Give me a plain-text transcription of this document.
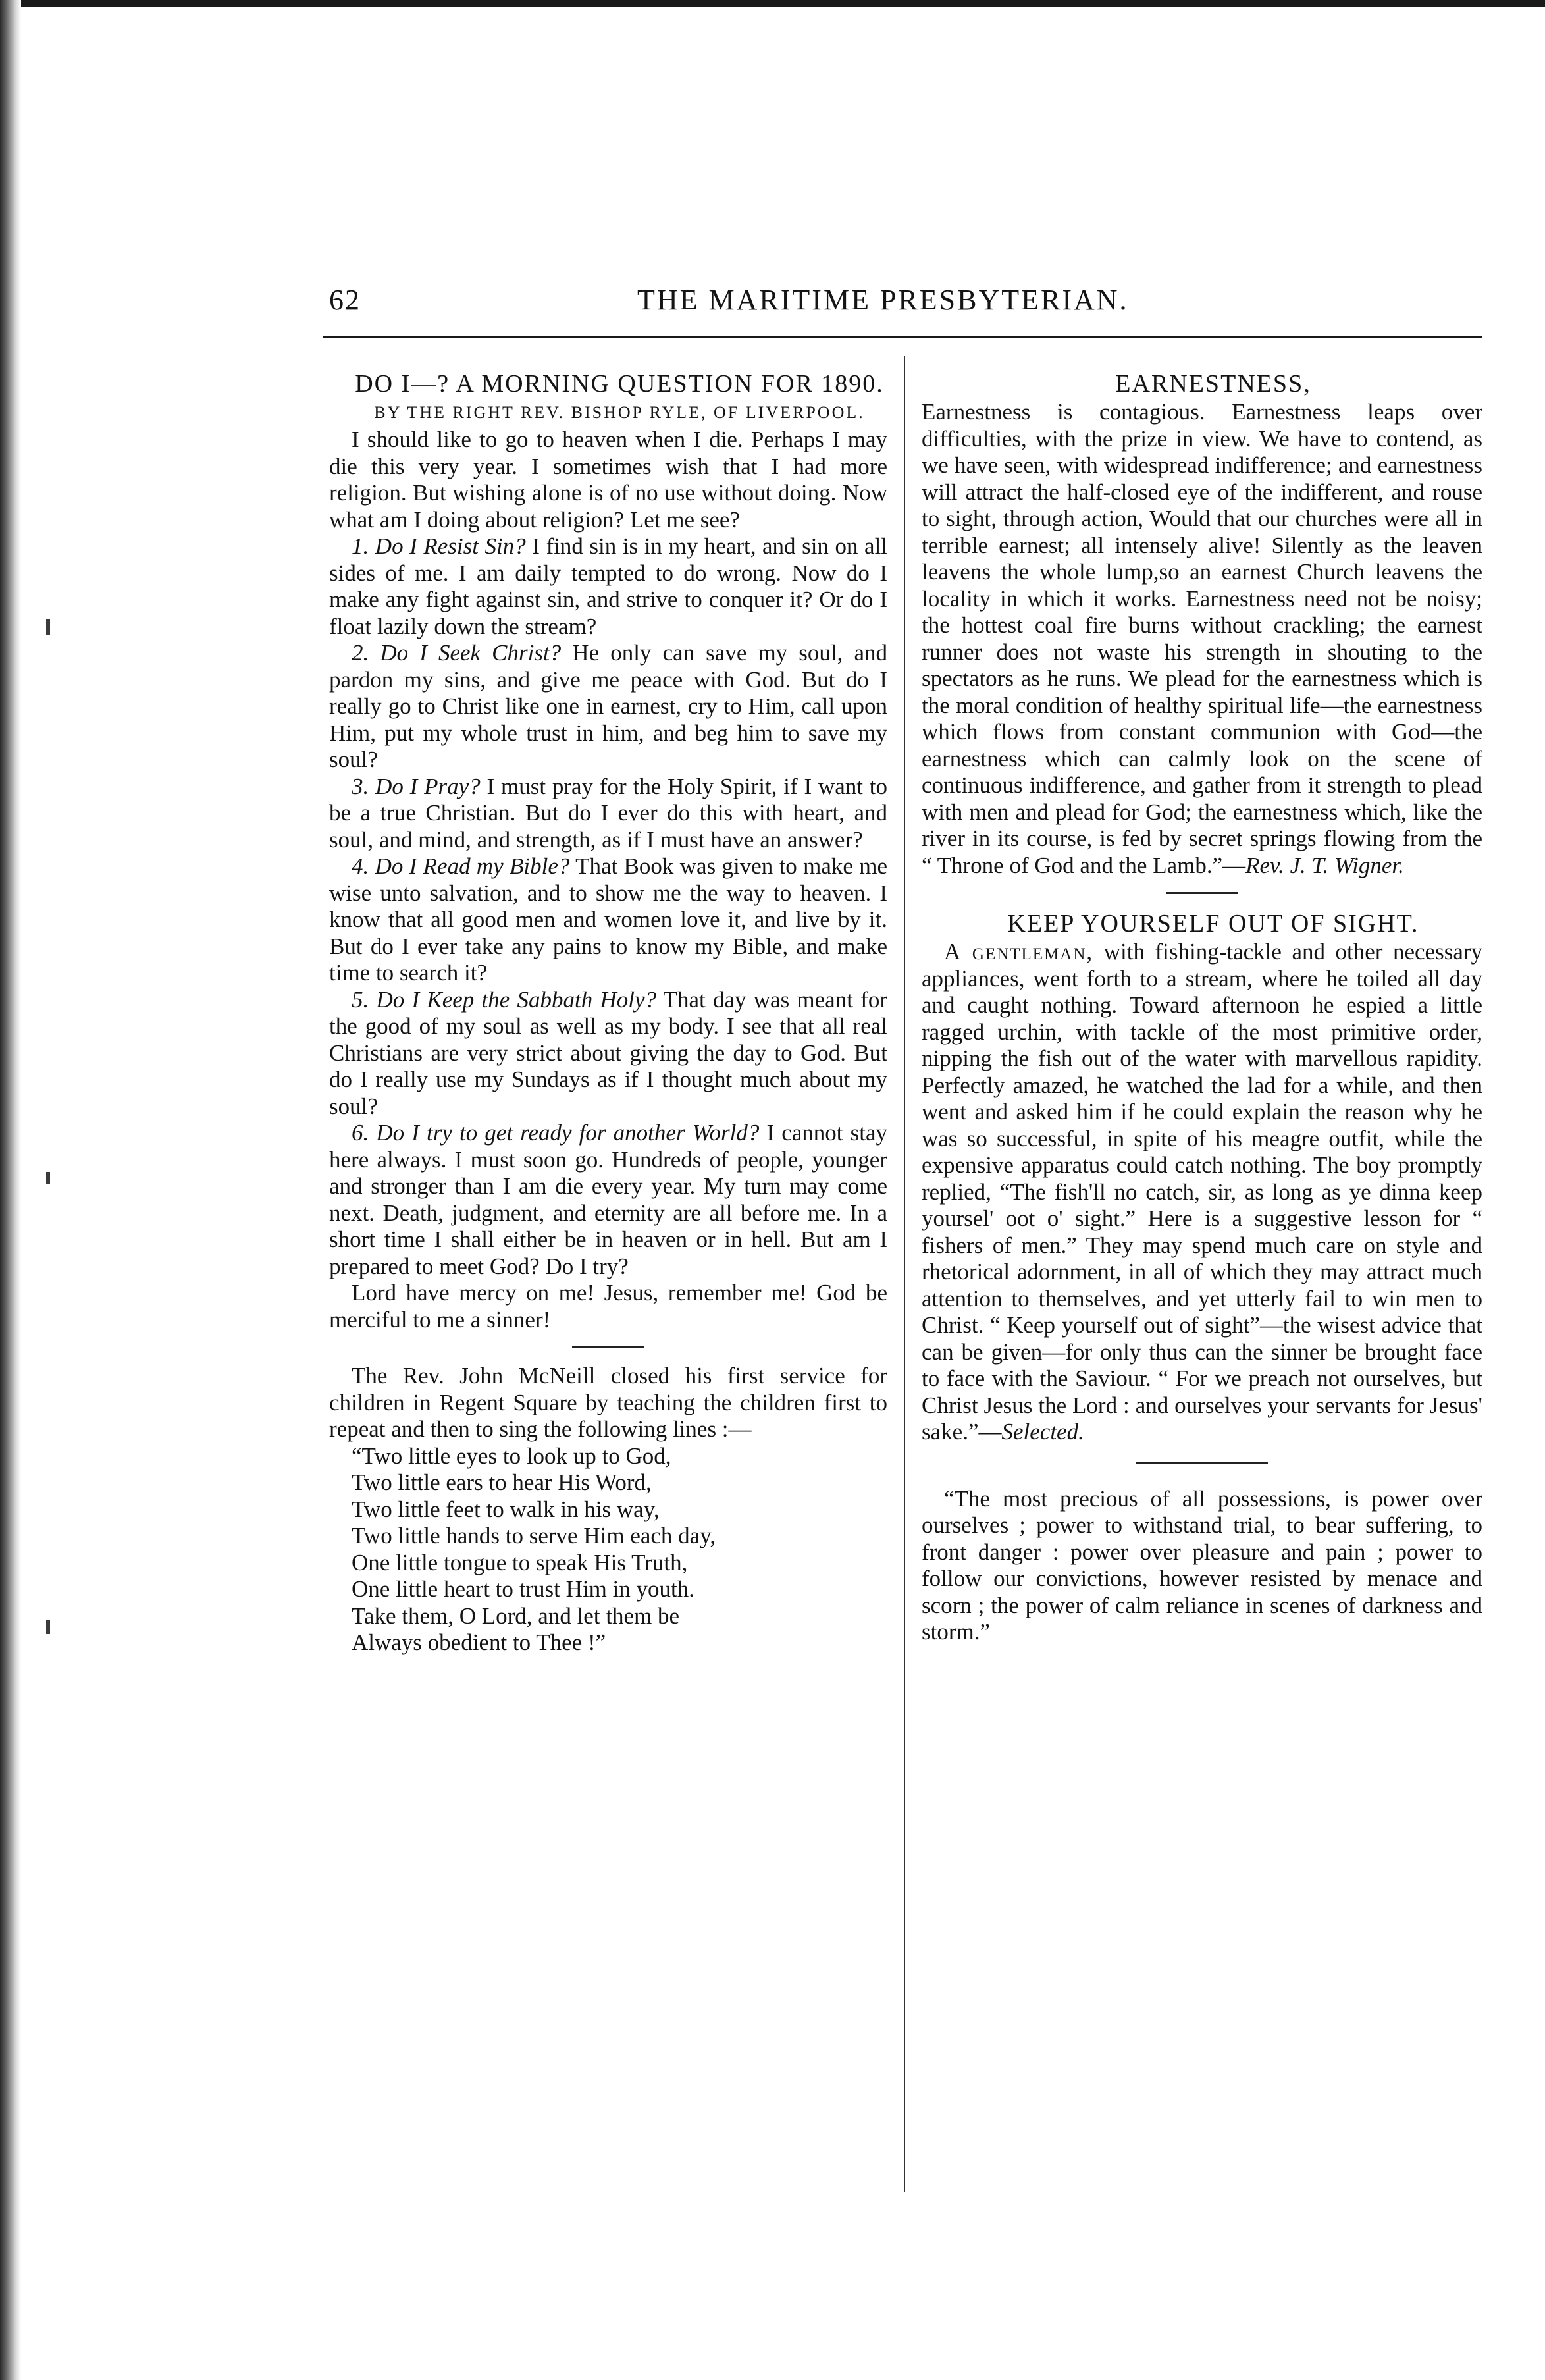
62	THE MARITIME PRESBYTERIAN.

DO I—? A MORNING QUESTION FOR 1890.

BY THE RIGHT REV. BISHOP RYLE, OF LIVERPOOL.

I should like to go to heaven when I die. Perhaps I may die this very year. I sometimes wish that I had more religion. But wishing alone is of no use without doing. Now what am I doing about religion? Let me see?

1. Do I Resist Sin? I find sin is in my heart, and sin on all sides of me. I am daily tempted to do wrong. Now do I make any fight against sin, and strive to conquer it? Or do I float lazily down the stream?

2. Do I Seek Christ? He only can save my soul, and pardon my sins, and give me peace with God. But do I really go to Christ like one in earnest, cry to Him, call upon Him, put my whole trust in him, and beg him to save my soul?

3. Do I Pray? I must pray for the Holy Spirit, if I want to be a true Christian. But do I ever do this with heart, and soul, and mind, and strength, as if I must have an answer?

4. Do I Read my Bible? That Book was given to make me wise unto salvation, and to show me the way to heaven. I know that all good men and women love it, and live by it. But do I ever take any pains to know my Bible, and make time to search it?

5. Do I Keep the Sabbath Holy? That day was meant for the good of my soul as well as my body. I see that all real Christians are very strict about giving the day to God. But do I really use my Sundays as if I thought much about my soul?

6. Do I try to get ready for another World? I cannot stay here always. I must soon go. Hundreds of people, younger and stronger than I am die every year. My turn may come next. Death, judgment, and eternity are all before me. In a short time I shall either be in heaven or in hell. But am I prepared to meet God? Do I try?

Lord have mercy on me! Jesus, remember me! God be merciful to me a sinner!

The Rev. John McNeill closed his first service for children in Regent Square by teaching the children first to repeat and then to sing the following lines :—

“Two little eyes to look up to God,
Two little ears to hear His Word,
Two little feet to walk in his way,
Two little hands to serve Him each day,
One little tongue to speak His Truth,
One little heart to trust Him in youth.
Take them, O Lord, and let them be
Always obedient to Thee !”

EARNESTNESS,

Earnestness is contagious. Earnestness leaps over difficulties, with the prize in view. We have to contend, as we have seen, with widespread indifference; and earnestness will attract the half-closed eye of the indifferent, and rouse to sight, through action, Would that our churches were all in terrible earnest; all intensely alive! Silently as the leaven leavens the whole lump,so an earnest Church leavens the locality in which it works. Earnestness need not be noisy; the hottest coal fire burns without crackling; the earnest runner does not waste his strength in shouting to the spectators as he runs. We plead for the earnestness which is the moral condition of healthy spiritual life—the earnestness which flows from constant communion with God—the earnestness which can calmly look on the scene of continuous indifference, and gather from it strength to plead with men and plead for God; the earnestness which, like the river in its course, is fed by secret springs flowing from the “ Throne of God and the Lamb.”—Rev. J. T. Wigner.

KEEP YOURSELF OUT OF SIGHT.

A gentleman, with fishing-tackle and other necessary appliances, went forth to a stream, where he toiled all day and caught nothing. Toward afternoon he espied a little ragged urchin, with tackle of the most primitive order, nipping the fish out of the water with marvellous rapidity. Perfectly amazed, he watched the lad for a while, and then went and asked him if he could explain the reason why he was so successful, in spite of his meagre outfit, while the expensive apparatus could catch nothing. The boy promptly replied, “The fish'll no catch, sir, as long as ye dinna keep yoursel' oot o' sight.” Here is a suggestive lesson for “ fishers of men.” They may spend much care on style and rhetorical adornment, in all of which they may attract much attention to themselves, and yet utterly fail to win men to Christ. “ Keep yourself out of sight”—the wisest advice that can be given—for only thus can the sinner be brought face to face with the Saviour. “ For we preach not ourselves, but Christ Jesus the Lord : and ourselves your servants for Jesus' sake.”—Selected.

“The most precious of all possessions, is power over ourselves ; power to withstand trial, to bear suffering, to front danger : power over pleasure and pain ; power to follow our convictions, however resisted by menace and scorn ; the power of calm reliance in scenes of darkness and storm.”
